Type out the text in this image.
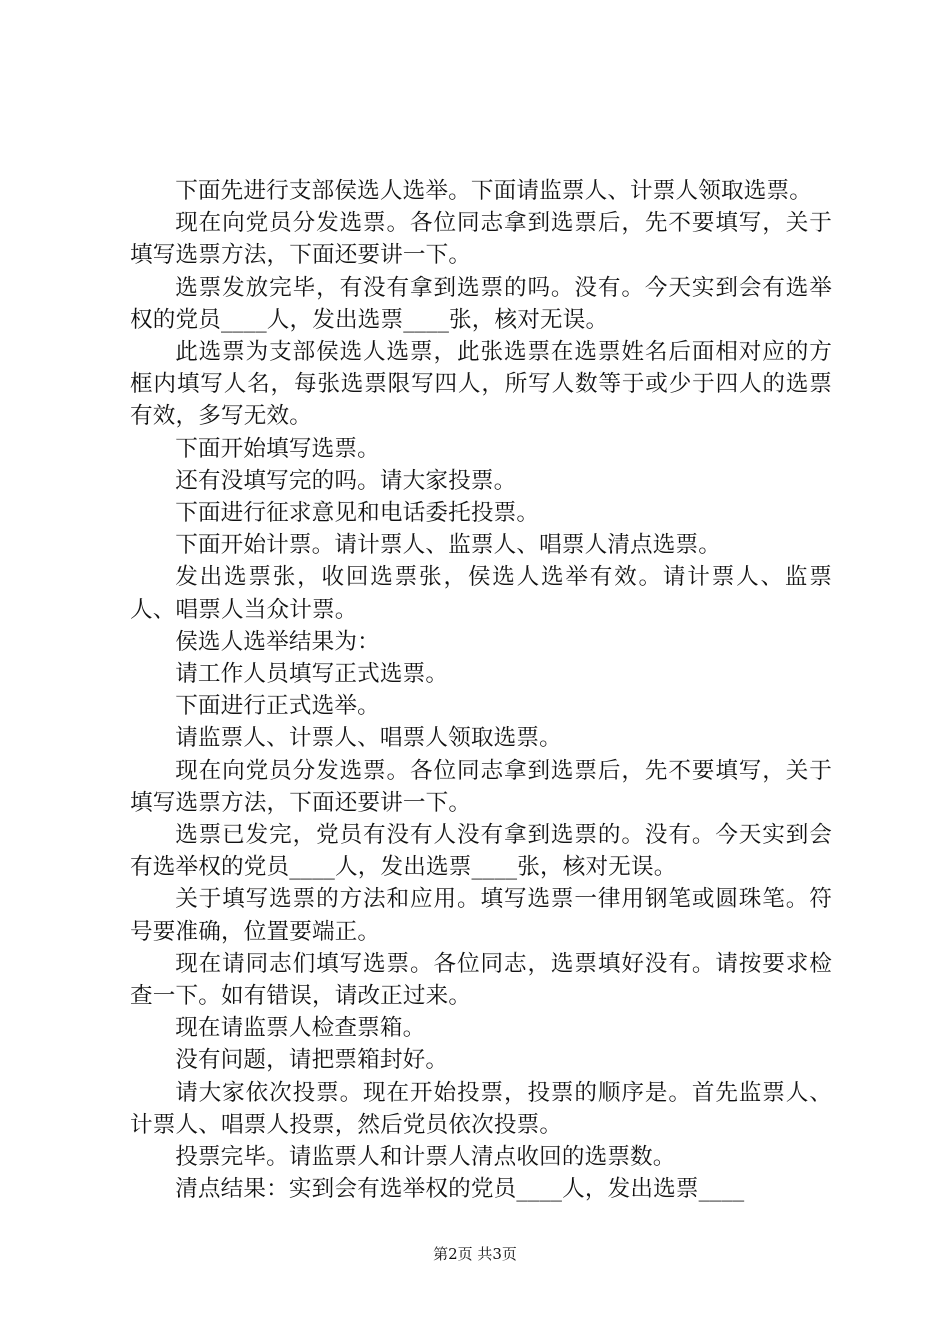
下面先进行支部侯选人选举。下面请监票人、计票人领取选票。

现在向党员分发选票。各位同志拿到选票后，先不要填写，关于填写选票方法，下面还要讲一下。

选票发放完毕，有没有拿到选票的吗。没有。今天实到会有选举权的党员____人，发出选票____张，核对无误。

此选票为支部侯选人选票，此张选票在选票姓名后面相对应的方框内填写人名，每张选票限写四人，所写人数等于或少于四人的选票有效，多写无效。

下面开始填写选票。

还有没填写完的吗。请大家投票。

下面进行征求意见和电话委托投票。

下面开始计票。请计票人、监票人、唱票人清点选票。

发出选票张，收回选票张，侯选人选举有效。请计票人、监票人、唱票人当众计票。

侯选人选举结果为：

请工作人员填写正式选票。

下面进行正式选举。

请监票人、计票人、唱票人领取选票。

现在向党员分发选票。各位同志拿到选票后，先不要填写，关于填写选票方法，下面还要讲一下。

选票已发完，党员有没有人没有拿到选票的。没有。今天实到会有选举权的党员____人，发出选票____张，核对无误。

关于填写选票的方法和应用。填写选票一律用钢笔或圆珠笔。符号要准确，位置要端正。

现在请同志们填写选票。各位同志，选票填好没有。请按要求检查一下。如有错误，请改正过来。

现在请监票人检查票箱。

没有问题，请把票箱封好。

请大家依次投票。现在开始投票，投票的顺序是。首先监票人、计票人、唱票人投票，然后党员依次投票。

投票完毕。请监票人和计票人清点收回的选票数。

清点结果：实到会有选举权的党员____人，发出选票____

第2页 共3页
